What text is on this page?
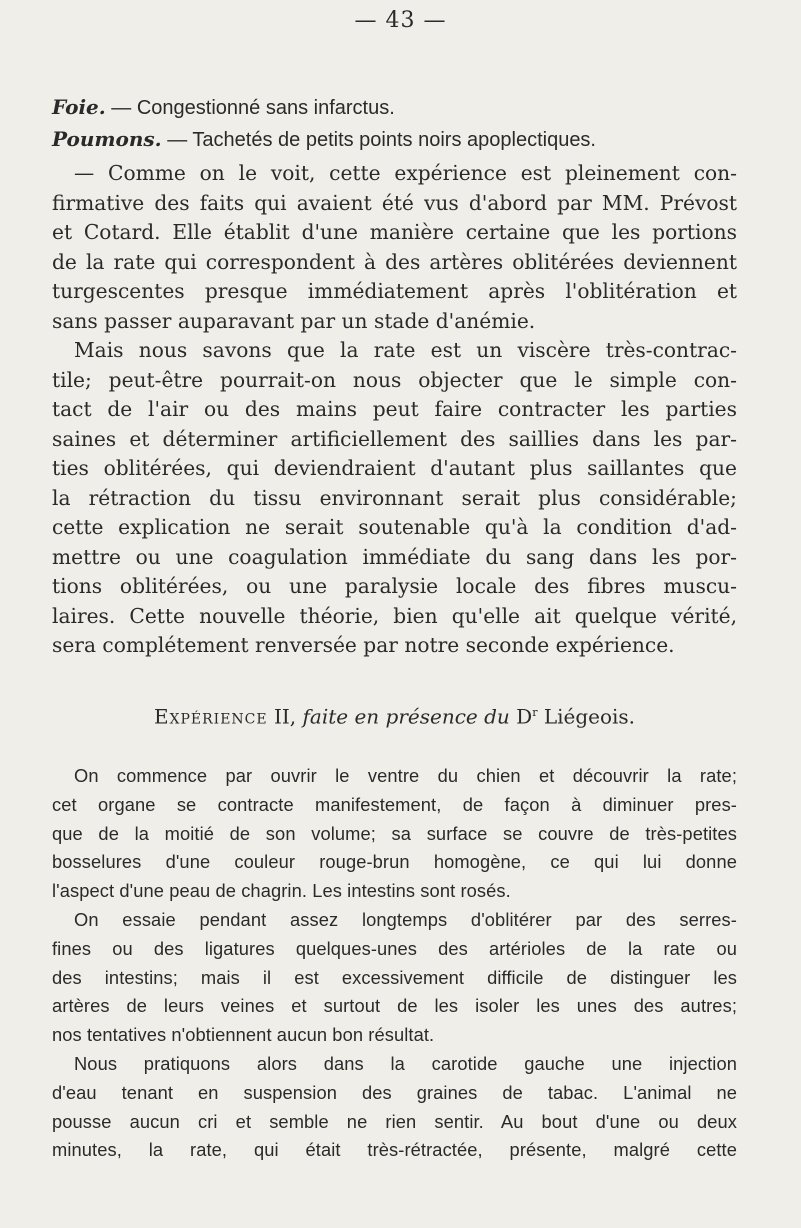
— 43 —
Foie. — Congestionné sans infarctus.
Poumons. — Tachetés de petits points noirs apoplectiques.
— Comme on le voit, cette expérience est pleinement con-
firmative des faits qui avaient été vus d'abord par MM. Prévost
et Cotard. Elle établit d'une manière certaine que les portions
de la rate qui correspondent à des artères oblitérées deviennent
turgescentes presque immédiatement après l'oblitération et
sans passer auparavant par un stade d'anémie.
Mais nous savons que la rate est un viscère très-contrac-
tile; peut-être pourrait-on nous objecter que le simple con-
tact de l'air ou des mains peut faire contracter les parties
saines et déterminer artificiellement des saillies dans les par-
ties oblitérées, qui deviendraient d'autant plus saillantes que
la rétraction du tissu environnant serait plus considérable;
cette explication ne serait soutenable qu'à la condition d'ad-
mettre ou une coagulation immédiate du sang dans les por-
tions oblitérées, ou une paralysie locale des fibres muscu-
laires. Cette nouvelle théorie, bien qu'elle ait quelque vérité,
sera complétement renversée par notre seconde expérience.
Expérience II, faite en présence du $D^r$ Liégeois.
On commence par ouvrir le ventre du chien et découvrir la rate;
cet organe se contracte manifestement, de façon à diminuer pres-
que de la moitié de son volume; sa surface se couvre de très-petites
bosselures d'une couleur rouge-brun homogène, ce qui lui donne
l'aspect d'une peau de chagrin. Les intestins sont rosés.
On essaie pendant assez longtemps d'oblitérer par des serres-
fines ou des ligatures quelques-unes des artérioles de la rate ou
des intestins; mais il est excessivement difficile de distinguer les
artères de leurs veines et surtout de les isoler les unes des autres;
nos tentatives n'obtiennent aucun bon résultat.
Nous pratiquons alors dans la carotide gauche une injection
d'eau tenant en suspension des graines de tabac. L'animal ne
pousse aucun cri et semble ne rien sentir. Au bout d'une ou deux
minutes, la rate, qui était très-rétractée, présente, malgré cette
